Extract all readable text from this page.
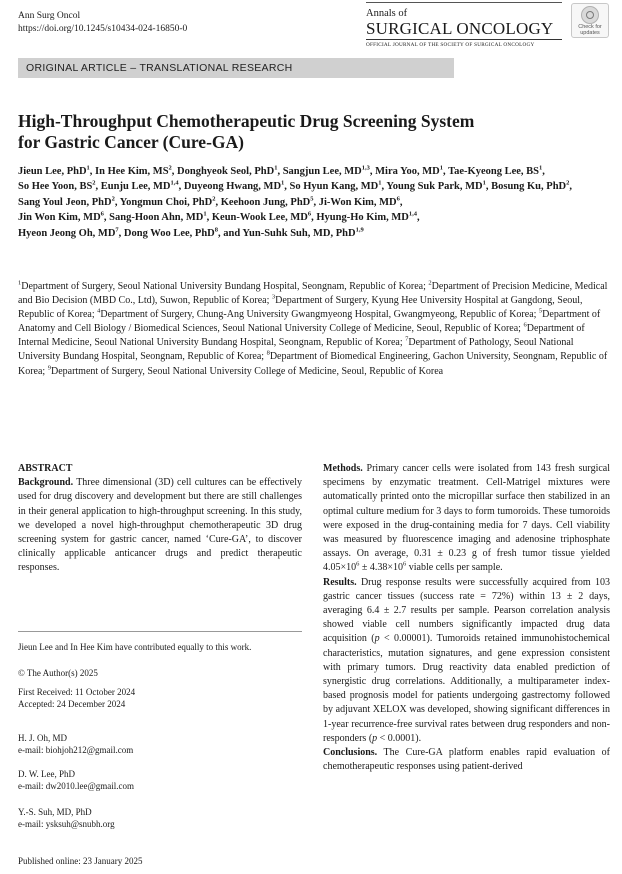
Ann Surg Oncol
https://doi.org/10.1245/s10434-024-16850-0
Annals of
SURGICAL ONCOLOGY
OFFICIAL JOURNAL OF THE SOCIETY OF SURGICAL ONCOLOGY
Check for
updates
ORIGINAL ARTICLE – TRANSLATIONAL RESEARCH
High-Throughput Chemotherapeutic Drug Screening System
for Gastric Cancer (Cure-GA)
Jieun Lee, PhD$^1$, In Hee Kim, $MS^2$, Donghyeok Seol, PhD$^1$, Sangjun Lee, MD$^{1,3}$, Mira Yoo, $MD^1$, Tae-Kyeong Lee, $BS^1$,
So Hee Yoon, $BS^2$, Eunju Lee, MD$^{1,4}$, Duyeong Hwang, $MD^1$, So Hyun Kang, $MD^1$, Young Suk Park, $MD^1$, Bosung Ku, PhD$^2$,
Sang Youl Jeon, PhD$^2$, Yongmun Choi, PhD$^2$, Keehoon Jung, PhD$^5$, Ji-Won Kim, $MD^6$,
Jin Won Kim, $MD^6$, Sang-Hoon Ahn, $MD^1$, Keun-Wook Lee, $MD^6$, Hyung-Ho Kim, MD$^{1,4}$,
Hyeon Jeong Oh, $MD^7$, Dong Woo Lee, PhD$^8$, and Yun-Suhk Suh, MD, PhD$^{1,9}$
$^1$Department of Surgery, Seoul National University Bundang Hospital, Seongnam, Republic of Korea; $^2$Department of Precision Medicine, Medical and Bio Decision (MBD Co., Ltd), Suwon, Republic of Korea; $^3$Department of Surgery, Kyung Hee University Hospital at Gangdong, Seoul, Republic of Korea; $^4$Department of Surgery, Chung-Ang University Gwangmyeong Hospital, Gwangmyeong, Republic of Korea; $^5$Department of Anatomy and Cell Biology / Biomedical Sciences, Seoul National University College of Medicine, Seoul, Republic of Korea; $^6$Department of Internal Medicine, Seoul National University Bundang Hospital, Seongnam, Republic of Korea; $^7$Department of Pathology, Seoul National University Bundang Hospital, Seongnam, Republic of Korea; $^8$Department of Biomedical Engineering, Gachon University, Seongnam, Republic of Korea; $^9$Department of Surgery, Seoul National University College of Medicine, Seoul, Republic of Korea

ABSTRACT

Background. Three dimensional (3D) cell cultures can be effectively used for drug discovery and development but there are still challenges in their general application to high-throughput screening. In this study, we developed a novel high-throughput chemotherapeutic 3D drug screening system for gastric cancer, named ‘Cure-GA’, to discover clinically applicable anticancer drugs and predict therapeutic responses.

Jieun Lee and In Hee Kim have contributed equally to this work.
© The Author(s) 2025
First Received: 11 October 2024
Accepted: 24 December 2024
H. J. Oh, MD
e-mail: biohjoh212@gmail.com
D. W. Lee, PhD
e-mail: dw2010.lee@gmail.com
Y.-S. Suh, MD, PhD
e-mail: ysksuh@snubh.org
Published online: 23 January 2025

Methods. Primary cancer cells were isolated from 143 fresh surgical specimens by enzymatic treatment. Cell-Matrigel mixtures were automatically printed onto the micropillar surface then stabilized in an optimal culture medium for 3 days to form tumoroids. These tumoroids were exposed in the drug-containing media for 7 days. Cell viability was measured by fluorescence imaging and adenosine triphosphate assays. On average, 0.31 ± 0.23 g of fresh tumor tissue yielded $4.05\times 10^6 \pm 4.38\times 10^6$ viable cells per sample.

Results. Drug response results were successfully acquired from 103 gastric cancer tissues (success rate = 72%) within 13 ± 2 days, averaging 6.4 ± 2.7 results per sample. Pearson correlation analysis showed viable cell numbers significantly impacted drug data acquisition (p < 0.00001). Tumoroids retained immunohistochemical characteristics, mutation signatures, and gene expression consistent with primary tumors. Drug reactivity data enabled prediction of synergistic drug correlations. Additionally, a multiparameter index-based prognosis model for patients undergoing gastrectomy followed by adjuvant XELOX was developed, showing significant differences in 1-year recurrence-free survival rates between drug responders and non-responders (p < 0.0001).

Conclusions. The Cure-GA platform enables rapid evaluation of chemotherapeutic responses using patient-derived
